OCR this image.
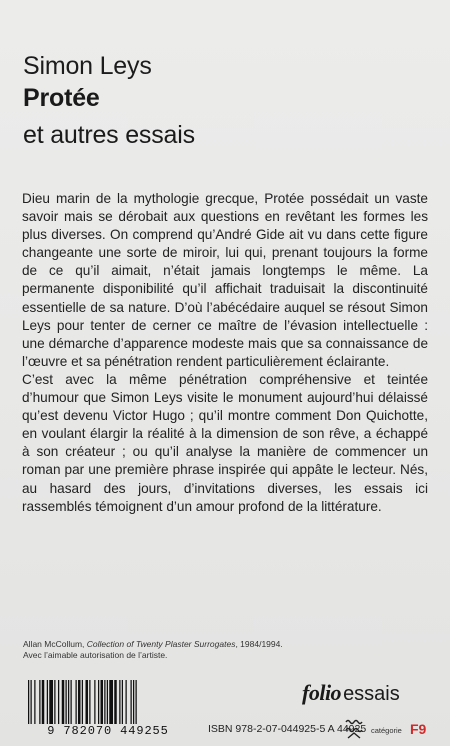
Simon Leys
Protée
et autres essais

Dieu marin de la mythologie grecque, Protée possédait un vaste savoir mais se dérobait aux questions en revêtant les formes les plus diverses. On comprend qu’André Gide ait vu dans cette figure changeante une sorte de miroir, lui qui, prenant toujours la forme de ce qu’il aimait, n’était jamais longtemps le même. La permanente disponibilité qu’il affichait traduisait la discontinuité essentielle de sa nature. D’où l’abécédaire auquel se résout Simon Leys pour tenter de cerner ce maître de l’évasion intellectuelle : une démarche d’apparence modeste mais que sa connaissance de l’œuvre et sa pénétration rendent particulièrement éclairante.

C’est avec la même pénétration compréhensive et teintée d’humour que Simon Leys visite le monument aujourd’hui délaissé qu’est devenu Victor Hugo ; qu’il montre comment Don Quichotte, en voulant élargir la réalité à la dimension de son rêve, a échappé à son créateur ; ou qu’il analyse la manière de commencer un roman par une première phrase inspirée qui appâte le lecteur. Nés, au hasard des jours, d’invitations diverses, les essais ici rassemblés témoignent d’un amour profond de la littérature.

Allan McCollum, Collection of Twenty Plaster Surrogates, 1984/1994.
Avec l’aimable autorisation de l’artiste.
9 782070 449255
folio essais
ISBN 978-2-07-044925-5 A 44925 catégorie F9
